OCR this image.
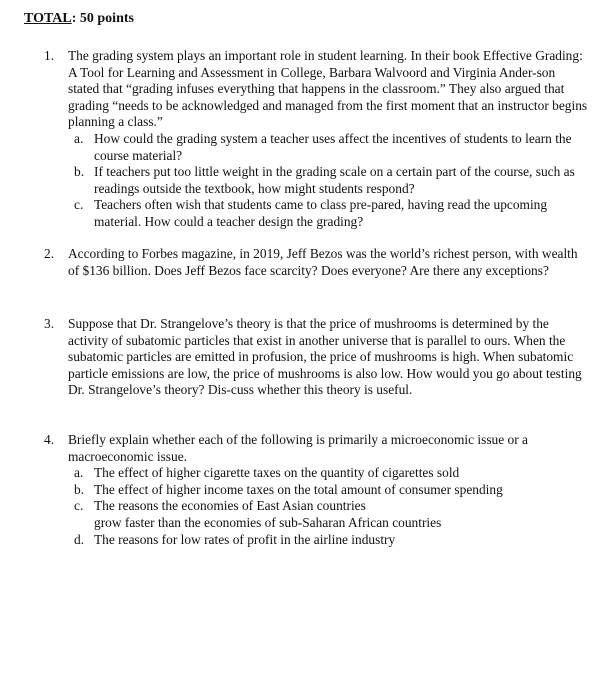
TOTAL: 50 points
1. The grading system plays an important role in student learning. In their book Effective Grading: A Tool for Learning and Assessment in College, Barbara Walvoord and Virginia Ander-son stated that “grading infuses everything that happens in the classroom.” They also argued that grading “needs to be acknowledged and managed from the first moment that an instructor begins planning a class.”
a. How could the grading system a teacher uses affect the incentives of students to learn the course material?
b. If teachers put too little weight in the grading scale on a certain part of the course, such as readings outside the textbook, how might students respond?
c. Teachers often wish that students came to class pre-pared, having read the upcoming material. How could a teacher design the grading?
2. According to Forbes magazine, in 2019, Jeff Bezos was the world’s richest person, with wealth of $136 billion. Does Jeff Bezos face scarcity? Does everyone? Are there any exceptions?
3. Suppose that Dr. Strangelove’s theory is that the price of mushrooms is determined by the activity of subatomic particles that exist in another universe that is parallel to ours. When the subatomic particles are emitted in profusion, the price of mushrooms is high. When subatomic particle emissions are low, the price of mushrooms is also low. How would you go about testing Dr. Strangelove’s theory? Dis-cuss whether this theory is useful.
4. Briefly explain whether each of the following is primarily a microeconomic issue or a macroeconomic issue.
a. The effect of higher cigarette taxes on the quantity of cigarettes sold
b. The effect of higher income taxes on the total amount of consumer spending
c. The reasons the economies of East Asian countries
grow faster than the economies of sub-Saharan African countries
d. The reasons for low rates of profit in the airline industry
